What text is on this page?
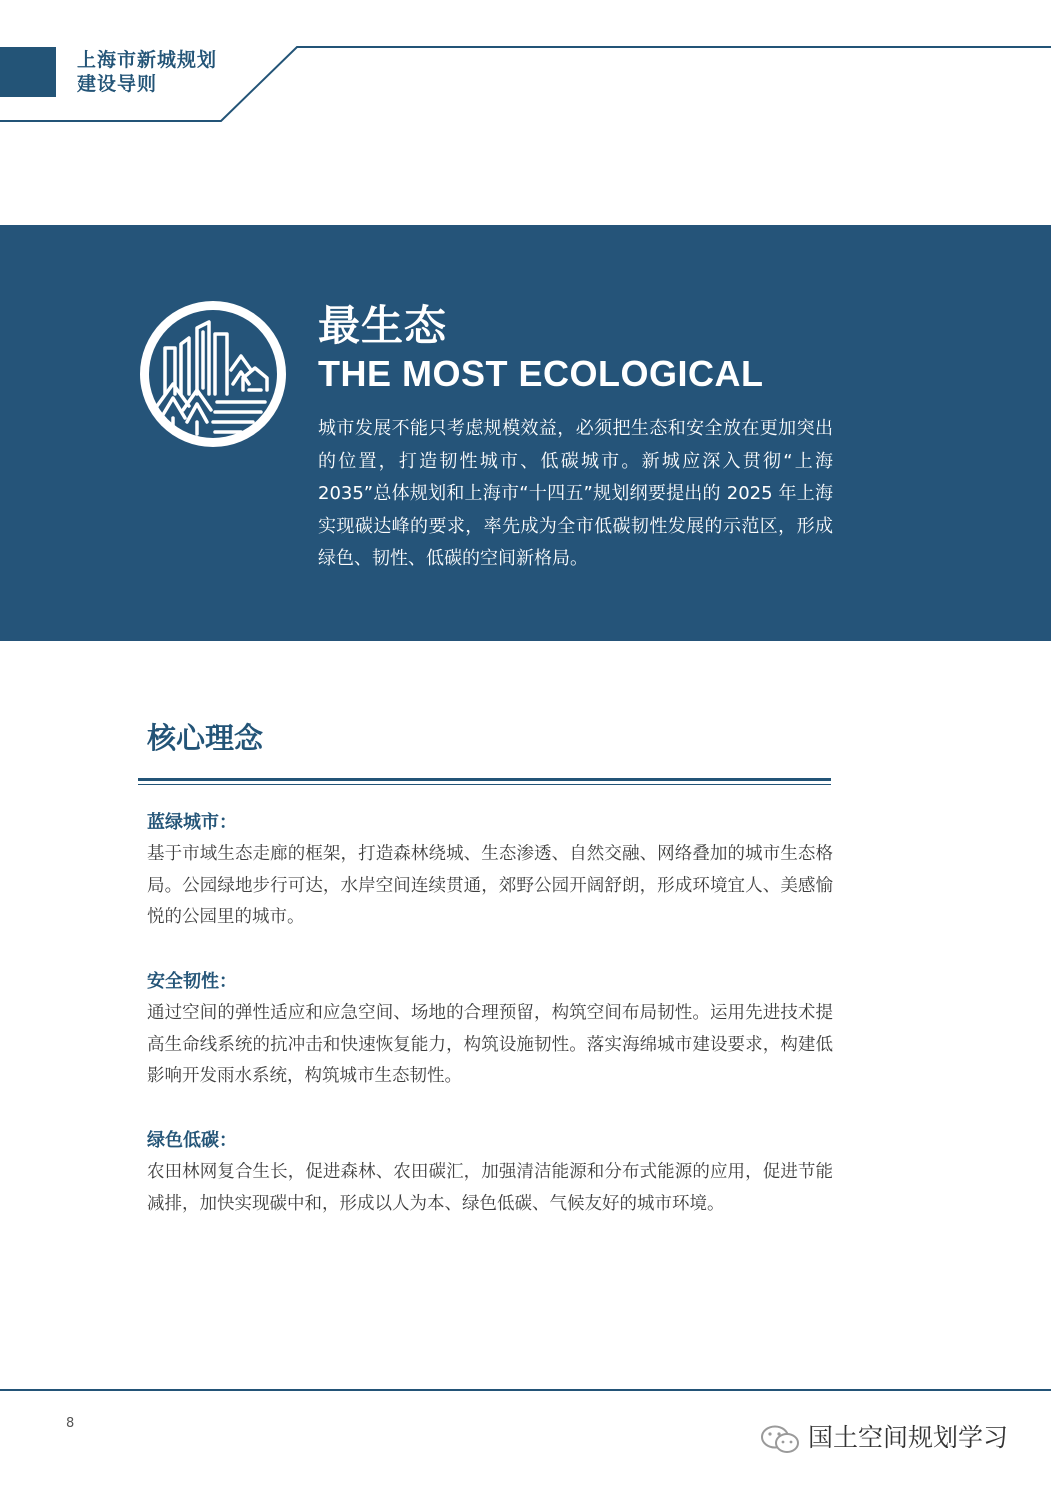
上海市新城规划
建设导则
最生态
THE MOST ECOLOGICAL
城市发展不能只考虑规模效益，必须把生态和安全放在更加突出的位置，打造韧性城市、低碳城市。新城应深入贯彻“上海 2035”总体规划和上海市“十四五”规划纲要提出的 2025 年上海实现碳达峰的要求，率先成为全市低碳韧性发展的示范区，形成绿色、韧性、低碳的空间新格局。
核心理念
蓝绿城市：
基于市域生态走廊的框架，打造森林绕城、生态渗透、自然交融、网络叠加的城市生态格局。公园绿地步行可达，水岸空间连续贯通，郊野公园开阔舒朗，形成环境宜人、美感愉悦的公园里的城市。
安全韧性：
通过空间的弹性适应和应急空间、场地的合理预留，构筑空间布局韧性。运用先进技术提高生命线系统的抗冲击和快速恢复能力，构筑设施韧性。落实海绵城市建设要求，构建低影响开发雨水系统，构筑城市生态韧性。
绿色低碳：
农田林网复合生长，促进森林、农田碳汇，加强清洁能源和分布式能源的应用，促进节能减排，加快实现碳中和，形成以人为本、绿色低碳、气候友好的城市环境。
8	国土空间规划学习
